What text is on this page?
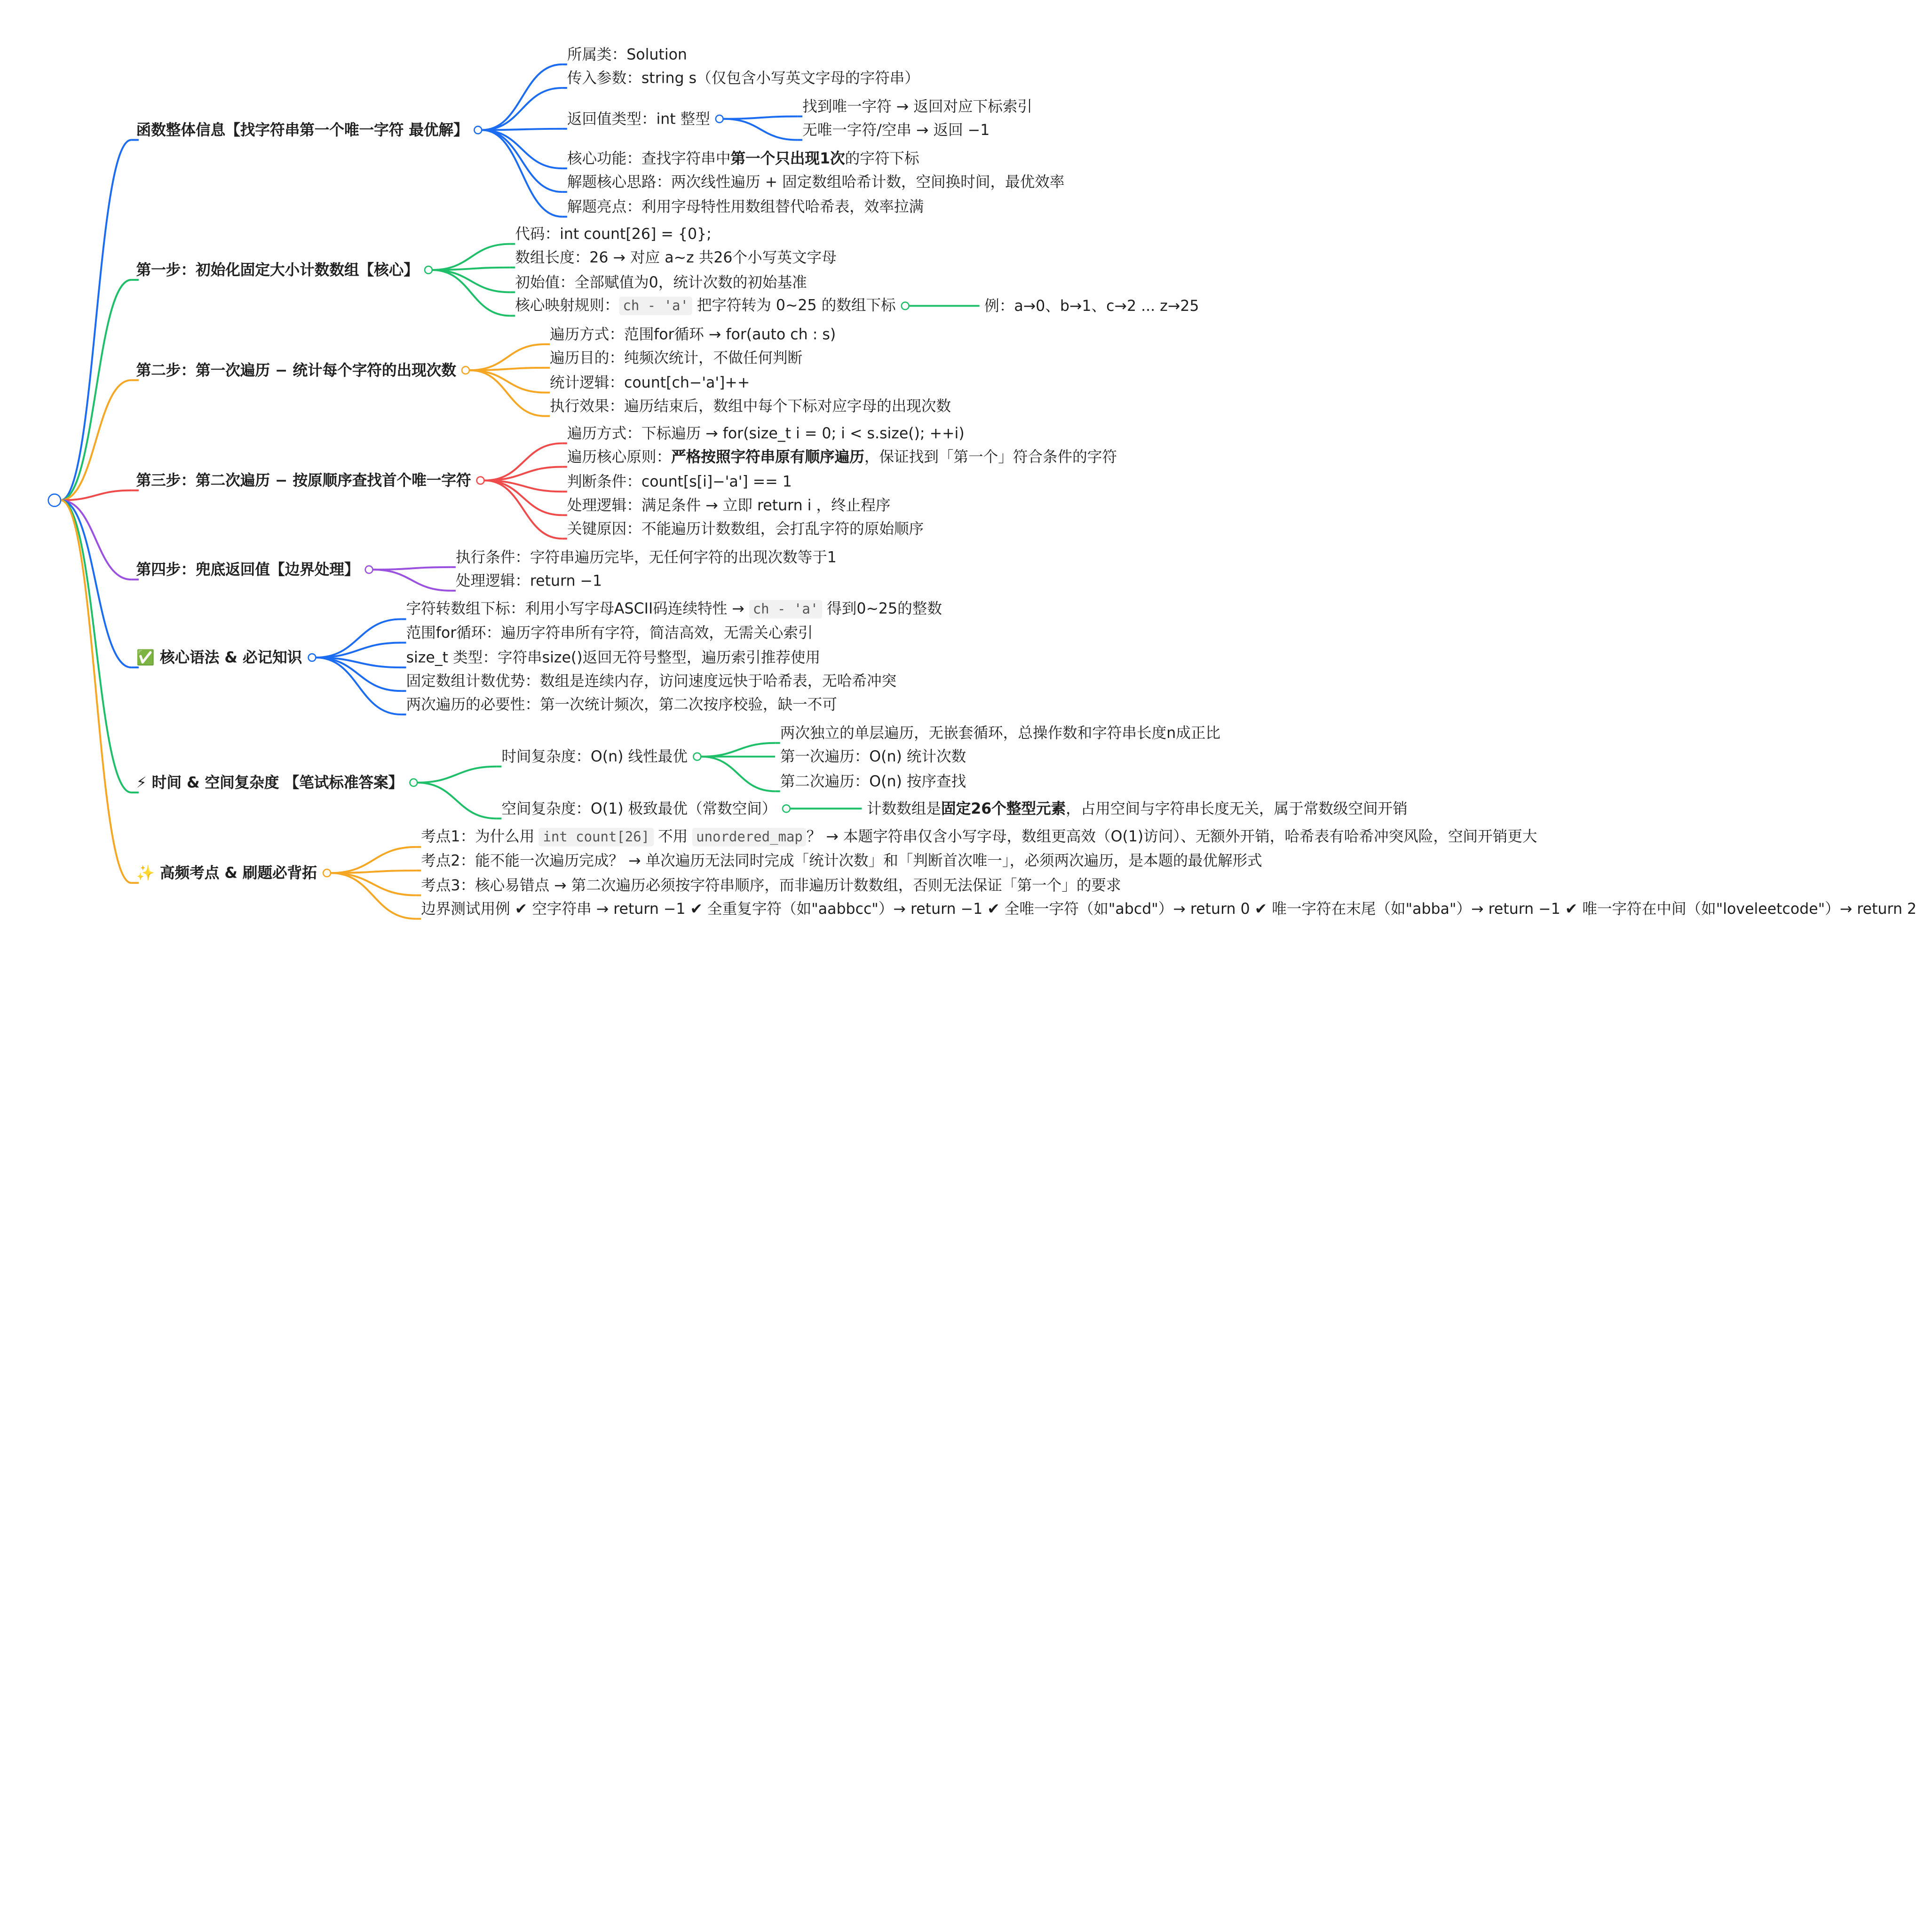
函数整体信息【找字符串第一个唯一字符 最优解】
所属类：Solution
传入参数：string s（仅包含小写英文字母的字符串）
返回值类型：int 整型
找到唯一字符 → 返回对应下标索引
无唯一字符/空串 → 返回 −1
核心功能：查找字符串中第一个只出现1次的字符下标
解题核心思路：两次线性遍历 + 固定数组哈希计数，空间换时间，最优效率
解题亮点：利用字母特性用数组替代哈希表，效率拉满
第一步：初始化固定大小计数数组【核心】
代码：int count[26] = {0};
数组长度：26 → 对应 a~z 共26个小写英文字母
初始值：全部赋值为0，统计次数的初始基准
核心映射规则： ch - 'a' 把字符转为 0~25 的数组下标	例：a→0、b→1、c→2 ... z→25
第二步：第一次遍历 − 统计每个字符的出现次数
遍历方式：范围for循环 → for(auto ch : s)
遍历目的：纯频次统计，不做任何判断
统计逻辑：count[ch−'a']++
执行效果：遍历结束后，数组中每个下标对应字母的出现次数
第三步：第二次遍历 − 按原顺序查找首个唯一字符
遍历方式：下标遍历 → for(size_t i = 0; i < s.size(); ++i)
遍历核心原则：严格按照字符串原有顺序遍历，保证找到「第一个」符合条件的字符
判断条件：count[s[i]−'a'] == 1
处理逻辑：满足条件 → 立即 return i ，终止程序
关键原因：不能遍历计数数组，会打乱字符的原始顺序
第四步：兜底返回值【边界处理】
执行条件：字符串遍历完毕，无任何字符的出现次数等于1
处理逻辑：return −1
✅ 核心语法 & 必记知识
字符转数组下标：利用小写字母ASCII码连续特性 → ch - 'a' 得到0~25的整数
范围for循环：遍历字符串所有字符，简洁高效，无需关心索引
size_t 类型：字符串size()返回无符号整型，遍历索引推荐使用
固定数组计数优势：数组是连续内存，访问速度远快于哈希表，无哈希冲突
两次遍历的必要性：第一次统计频次，第二次按序校验，缺一不可
⚡ 时间 & 空间复杂度 【笔试标准答案】
时间复杂度：O(n) 线性最优
两次独立的单层遍历，无嵌套循环，总操作数和字符串长度n成正比
第一次遍历：O(n) 统计次数
第二次遍历：O(n) 按序查找
空间复杂度：O(1) 极致最优（常数空间）	计数数组是固定26个整型元素，占用空间与字符串长度无关，属于常数级空间开销
✨ 高频考点 & 刷题必背拓
考点1：为什么用 int count[26] 不用 unordered_map ？ → 本题字符串仅含小写字母，数组更高效（O(1)访问）、无额外开销，哈希表有哈希冲突风险，空间开销更大
考点2：能不能一次遍历完成？ → 单次遍历无法同时完成「统计次数」和「判断首次唯一」，必须两次遍历，是本题的最优解形式
考点3：核心易错点 → 第二次遍历必须按字符串顺序，而非遍历计数数组，否则无法保证「第一个」的要求
边界测试用例 ✔ 空字符串 → return −1 ✔ 全重复字符（如"aabbcc"）→ return −1 ✔ 全唯一字符（如"abcd"）→ return 0 ✔ 唯一字符在末尾（如"abba"）→ return −1 ✔ 唯一字符在中间（如"loveleetcode"）→ return 2
